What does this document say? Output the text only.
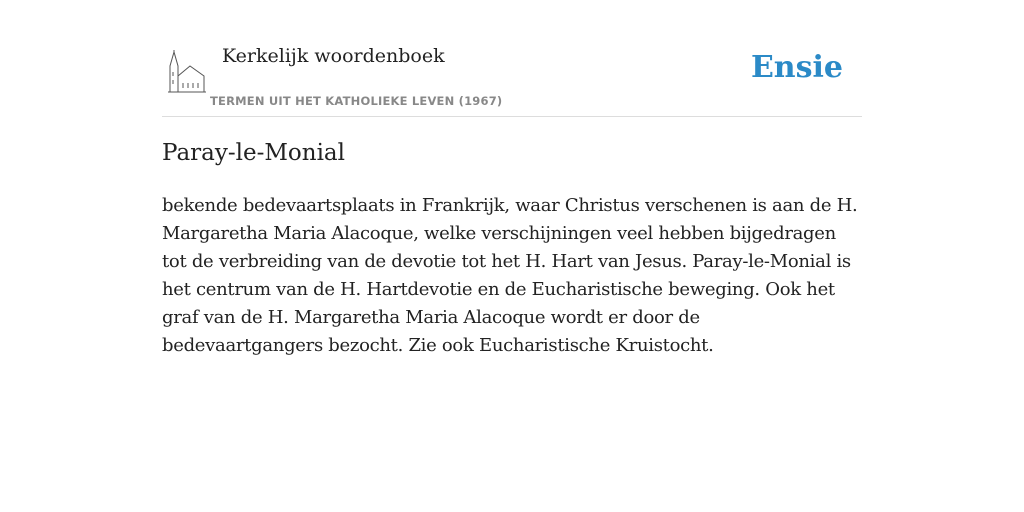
Kerkelijk woordenboek
TERMEN UIT HET KATHOLIEKE LEVEN (1967)
Ensie
Paray-le-Monial

bekende bedevaartsplaats in Frankrijk, waar Christus verschenen is aan de H. Margaretha Maria Alacoque, welke verschijningen veel hebben bijgedragen tot de verbreiding van de devotie tot het H. Hart van Jesus. Paray-le-Monial is het centrum van de H. Hartdevotie en de Eucharistische beweging. Ook het graf van de H. Margaretha Maria Alacoque wordt er door de bedevaartgangers bezocht. Zie ook Eucharistische Kruistocht.
